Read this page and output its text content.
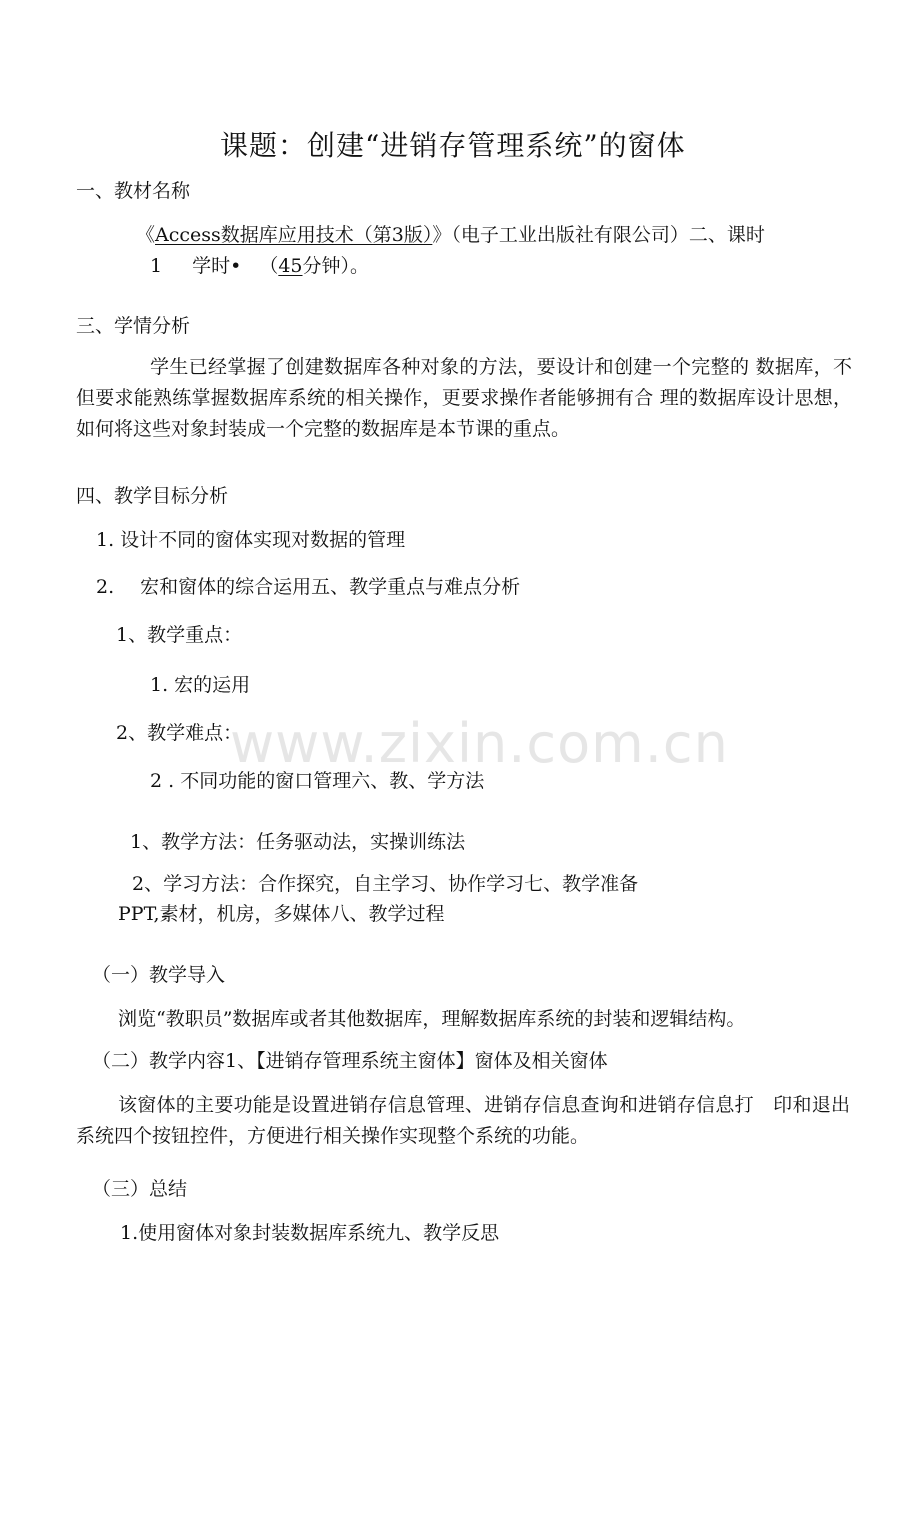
课题：创建“进销存管理系统”的窗体
一、教材名称
《Access数据库应用技术（第3版）》（电子工业出版社有限公司）二、课时
1 学时• （45分钟）。
三、学情分析
学生已经掌握了创建数据库各种对象的方法，要设计和创建一个完整的 数据库，不但要求能熟练掌握数据库系统的相关操作，更要求操作者能够拥有合 理的数据库设计思想，如何将这些对象封装成一个完整的数据库是本节课的重点。
四、教学目标分析
1. 设计不同的窗体实现对数据的管理
2. 宏和窗体的综合运用五、教学重点与难点分析
1、教学重点：
1. 宏的运用
2、教学难点：
2 . 不同功能的窗口管理六、教、学方法
1、教学方法：任务驱动法，实操训练法
2、学习方法：合作探究，自主学习、协作学习七、教学准备
PPT,素材，机房，多媒体八、教学过程
（一）教学导入
浏览“教职员”数据库或者其他数据库，理解数据库系统的封装和逻辑结构。
（二）教学内容1、【进销存管理系统主窗体】窗体及相关窗体
该窗体的主要功能是设置进销存信息管理、进销存信息查询和进销存信息打　印和退出系统四个按钮控件，方便进行相关操作实现整个系统的功能。
（三）总结
1.使用窗体对象封装数据库系统九、教学反思
www.zixin.com.cn
